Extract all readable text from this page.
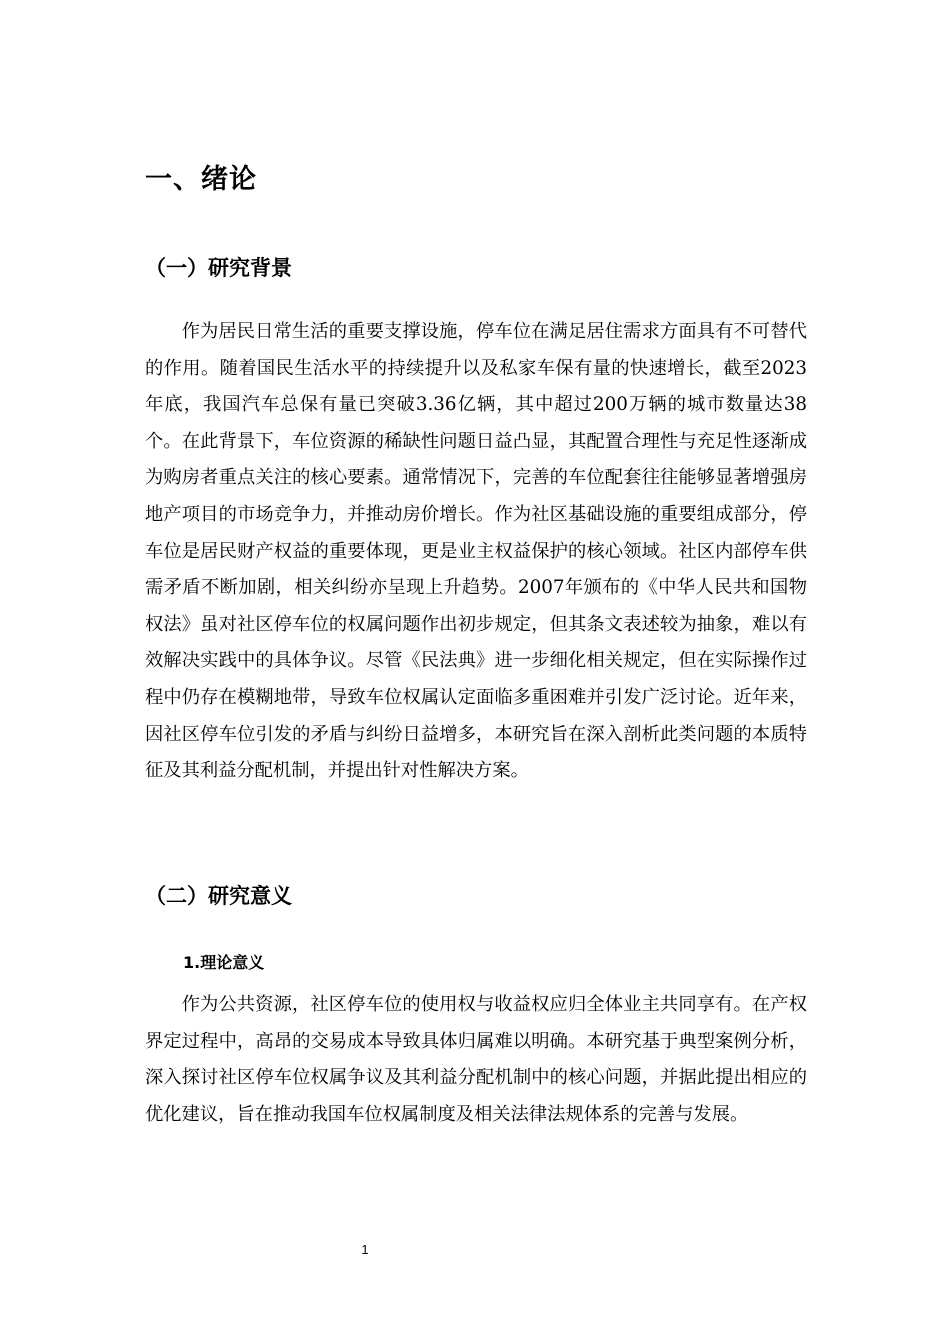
一、绪论
（一）研究背景

作为居民日常生活的重要支撑设施，停车位在满足居住需求方面具有不可替代的作用。随着国民生活水平的持续提升以及私家车保有量的快速增长，截至2023年底，我国汽车总保有量已突破3.36亿辆，其中超过200万辆的城市数量达38个。在此背景下，车位资源的稀缺性问题日益凸显，其配置合理性与充足性逐渐成为购房者重点关注的核心要素。通常情况下，完善的车位配套往往能够显著增强房地产项目的市场竞争力，并推动房价增长。作为社区基础设施的重要组成部分，停车位是居民财产权益的重要体现，更是业主权益保护的核心领域。社区内部停车供需矛盾不断加剧，相关纠纷亦呈现上升趋势。2007年颁布的《中华人民共和国物权法》虽对社区停车位的权属问题作出初步规定，但其条文表述较为抽象，难以有效解决实践中的具体争议。尽管《民法典》进一步细化相关规定，但在实际操作过程中仍存在模糊地带，导致车位权属认定面临多重困难并引发广泛讨论。近年来，因社区停车位引发的矛盾与纠纷日益增多，本研究旨在深入剖析此类问题的本质特征及其利益分配机制，并提出针对性解决方案。

（二）研究意义
1.理论意义

作为公共资源，社区停车位的使用权与收益权应归全体业主共同享有。在产权界定过程中，高昂的交易成本导致具体归属难以明确。本研究基于典型案例分析，深入探讨社区停车位权属争议及其利益分配机制中的核心问题，并据此提出相应的优化建议，旨在推动我国车位权属制度及相关法律法规体系的完善与发展。

1
